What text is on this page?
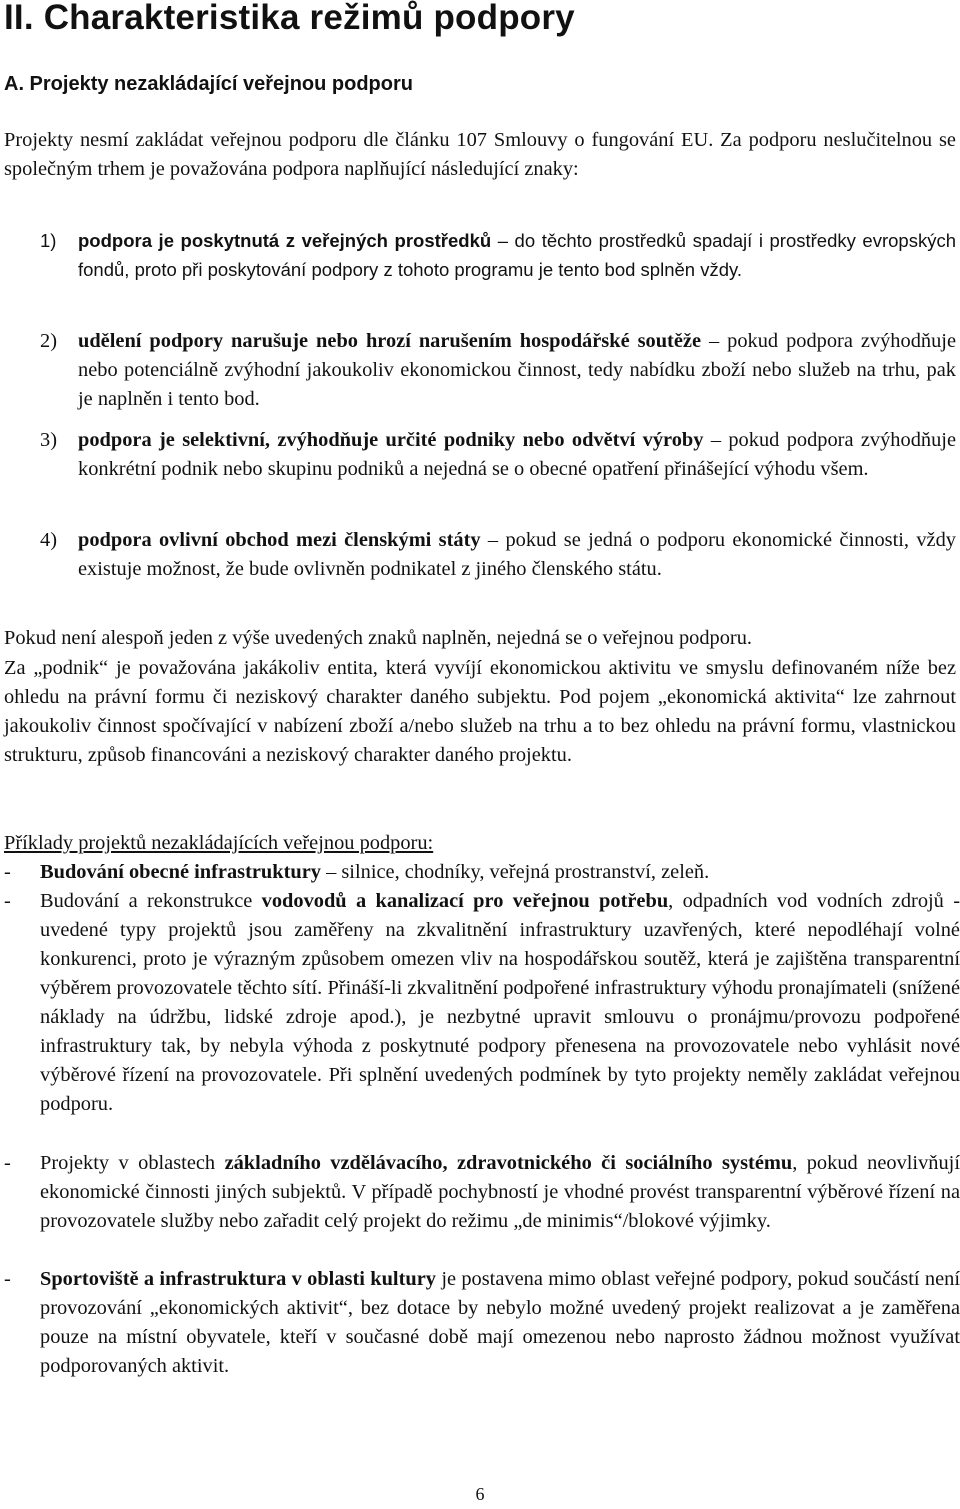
II. Charakteristika režimů podpory
A. Projekty nezakládající veřejnou podporu

Projekty nesmí zakládat veřejnou podporu dle článku 107 Smlouvy o fungování EU. Za podporu neslučitelnou se společným trhem je považována podpora naplňující následující znaky:

1) podpora je poskytnutá z veřejných prostředků – do těchto prostředků spadají i prostředky evropských fondů, proto při poskytování podpory z tohoto programu je tento bod splněn vždy.

2) udělení podpory narušuje nebo hrozí narušením hospodářské soutěže – pokud podpora zvýhodňuje nebo potenciálně zvýhodní jakoukoliv ekonomickou činnost, tedy nabídku zboží nebo služeb na trhu, pak je naplněn i tento bod.

3) podpora je selektivní, zvýhodňuje určité podniky nebo odvětví výroby – pokud podpora zvýhodňuje konkrétní podnik nebo skupinu podniků a nejedná se o obecné opatření přinášející výhodu všem.

4) podpora ovlivní obchod mezi členskými státy – pokud se jedná o podporu ekonomické činnosti, vždy existuje možnost, že bude ovlivněn podnikatel z jiného členského státu.

Pokud není alespoň jeden z výše uvedených znaků naplněn, nejedná se o veřejnou podporu.

Za „podnik“ je považována jakákoliv entita, která vyvíjí ekonomickou aktivitu ve smyslu definovaném níže bez ohledu na právní formu či neziskový charakter daného subjektu. Pod pojem „ekonomická aktivita“ lze zahrnout jakoukoliv činnost spočívající v nabízení zboží a/nebo služeb na trhu a to bez ohledu na právní formu, vlastnickou strukturu, způsob financováni a neziskový charakter daného projektu.

Příklady projektů nezakládajících veřejnou podporu:

- Budování obecné infrastruktury – silnice, chodníky, veřejná prostranství, zeleň.

- Budování a rekonstrukce vodovodů a kanalizací pro veřejnou potřebu, odpadních vod vodních zdrojů - uvedené typy projektů jsou zaměřeny na zkvalitnění infrastruktury uzavřených, které nepodléhají volné konkurenci, proto je výrazným způsobem omezen vliv na hospodářskou soutěž, která je zajištěna transparentní výběrem provozovatele těchto sítí. Přináší-li zkvalitnění podpořené infrastruktury výhodu pronajímateli (snížené náklady na údržbu, lidské zdroje apod.), je nezbytné upravit smlouvu o pronájmu/provozu podpořené infrastruktury tak, by nebyla výhoda z poskytnuté podpory přenesena na provozovatele nebo vyhlásit nové výběrové řízení na provozovatele. Při splnění uvedených podmínek by tyto projekty neměly zakládat veřejnou podporu.

- Projekty v oblastech základního vzdělávacího, zdravotnického či sociálního systému, pokud neovlivňují ekonomické činnosti jiných subjektů. V případě pochybností je vhodné provést transparentní výběrové řízení na provozovatele služby nebo zařadit celý projekt do režimu „de minimis“/blokové výjimky.

- Sportoviště a infrastruktura v oblasti kultury je postavena mimo oblast veřejné podpory, pokud součástí není provozování „ekonomických aktivit“, bez dotace by nebylo možné uvedený projekt realizovat a je zaměřena pouze na místní obyvatele, kteří v současné době mají omezenou nebo naprosto žádnou možnost využívat podporovaných aktivit.

6
